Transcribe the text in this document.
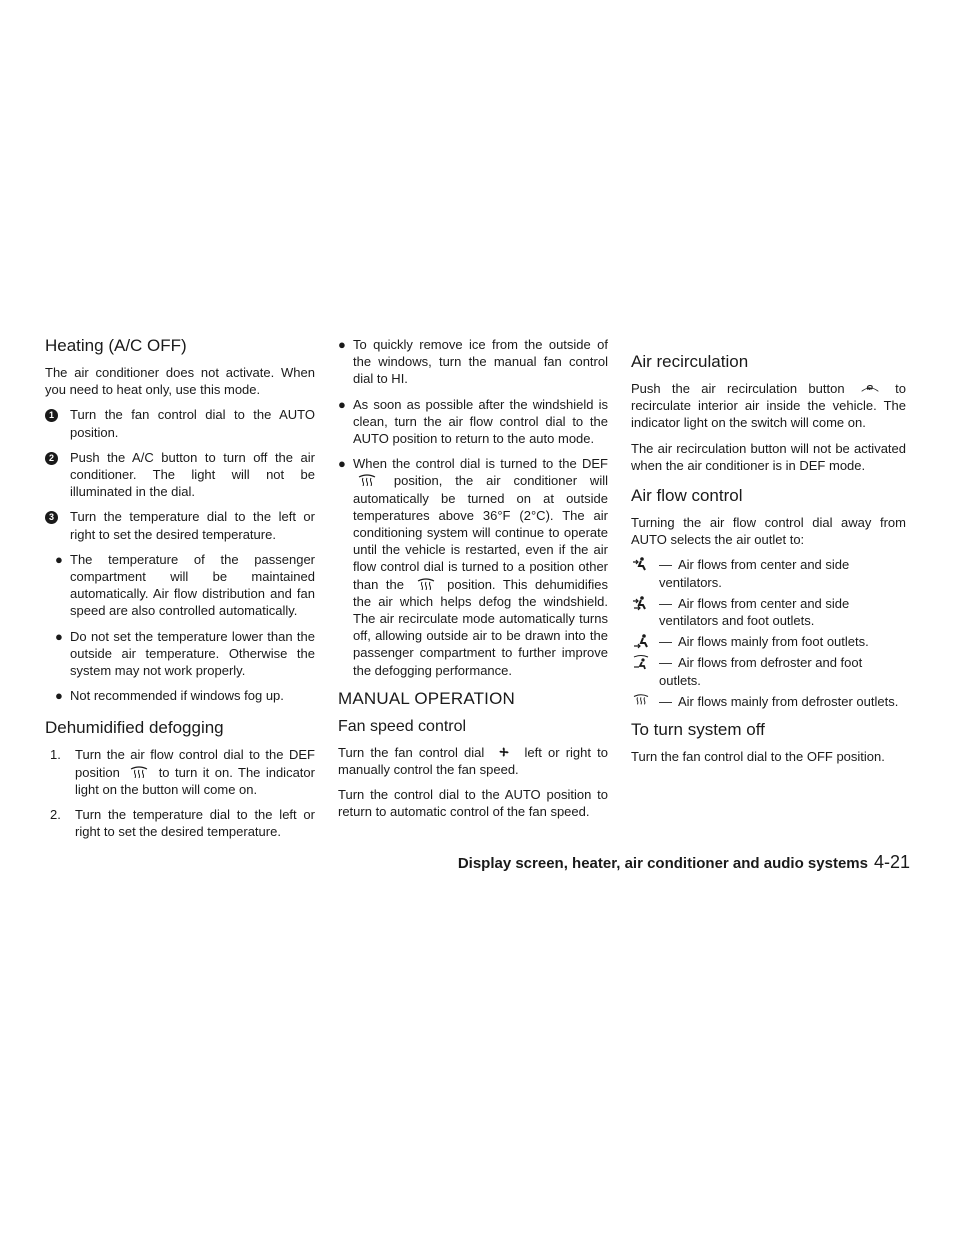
Heating (A/C OFF)

The air conditioner does not activate. When you need to heat only, use this mode.

1	Turn the fan control dial to the AUTO position.
2	Push the A/C button to turn off the air conditioner. The light will not be illuminated in the dial.
3	Turn the temperature dial to the left or right to set the desired temperature.
● The temperature of the passenger compartment will be maintained automatically. Air flow distribution and fan speed are also controlled automatically.
● Do not set the temperature lower than the outside air temperature. Otherwise the system may not work properly.
● Not recommended if windows fog up.
Dehumidified defogging
1.	Turn the air flow control dial to the DEF position	to turn it on. The indicator light on the button will come on.
2.	Turn the temperature dial to the left or right to set the desired temperature.
● To quickly remove ice from the outside of the windows, turn the manual fan control dial to HI.
● As soon as possible after the windshield is clean, turn the air flow control dial to the AUTO position to return to the auto mode.
● When the control dial is turned to the DEF  position, the air conditioner will automatically be turned on at outside temperatures above 36°F (2°C). The air conditioning system will continue to operate until the vehicle is restarted, even if the air flow control dial is turned to a position other than the	position. This dehumidifies the air which helps defog the windshield. The air recirculate mode automatically turns off, allowing outside air to be drawn into the passenger compartment to further improve the defogging performance.
MANUAL OPERATION
Fan speed control

Turn the fan control dial	left or right to manually control the fan speed.

Turn the control dial to the AUTO position to return to automatic control of the fan speed.

Air recirculation

Push the air recirculation button	to recirculate interior air inside the vehicle. The indicator light on the switch will come on.

The air recirculation button will not be activated when the air conditioner is in DEF mode.

Air flow control

Turning the air flow control dial away from AUTO selects the air outlet to:

— Air flows from center and side ventilators.
— Air flows from center and side ventilators and foot outlets.
— Air flows mainly from foot outlets.
— Air flows from defroster and foot outlets.
— Air flows mainly from defroster outlets.
To turn system off

Turn the fan control dial to the OFF position.

Display screen, heater, air conditioner and audio systems 4-21
